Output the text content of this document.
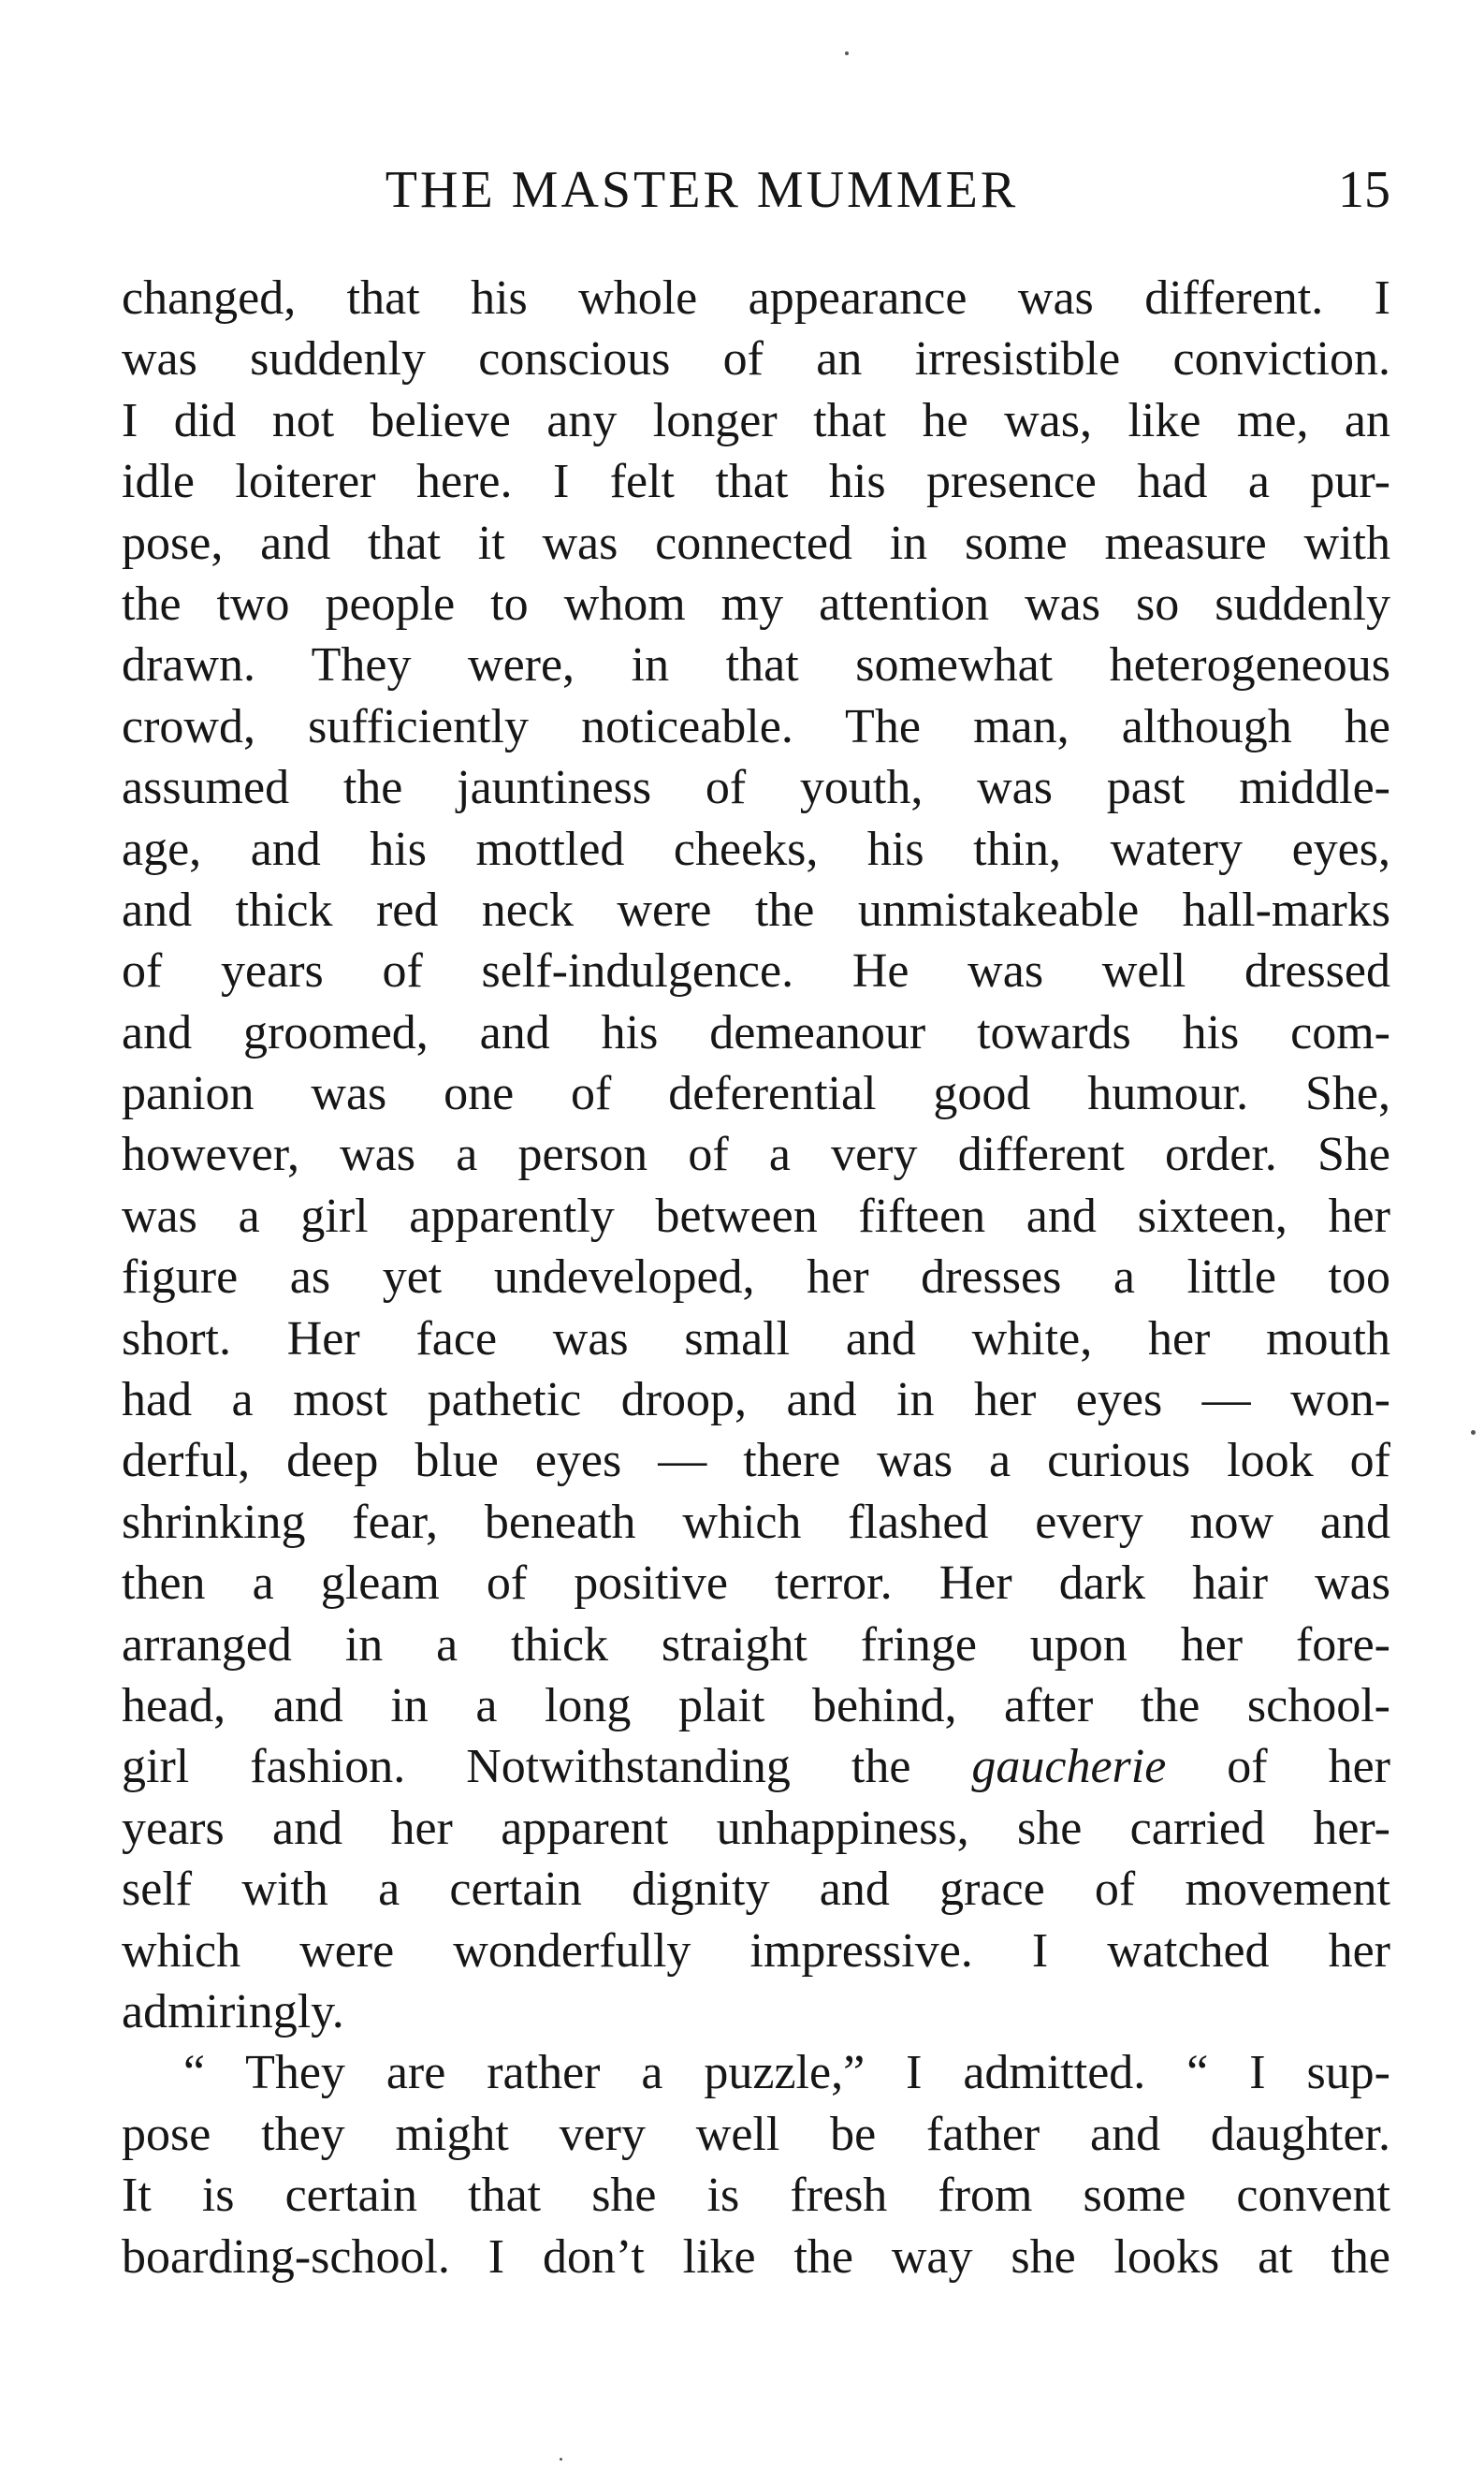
THE MASTER MUMMER	15
changed, that his whole appearance was different. I
was suddenly conscious of an irresistible conviction.
I did not believe any longer that he was, like me, an
idle loiterer here. I felt that his presence had a pur-
pose, and that it was connected in some measure with
the two people to whom my attention was so suddenly
drawn. They were, in that somewhat heterogeneous
crowd, sufficiently noticeable. The man, although he
assumed the jauntiness of youth, was past middle-
age, and his mottled cheeks, his thin, watery eyes,
and thick red neck were the unmistakeable hall-marks
of years of self-indulgence. He was well dressed
and groomed, and his demeanour towards his com-
panion was one of deferential good humour. She,
however, was a person of a very different order. She
was a girl apparently between fifteen and sixteen, her
figure as yet undeveloped, her dresses a little too
short. Her face was small and white, her mouth
had a most pathetic droop, and in her eyes — won-
derful, deep blue eyes — there was a curious look of
shrinking fear, beneath which flashed every now and
then a gleam of positive terror. Her dark hair was
arranged in a thick straight fringe upon her fore-
head, and in a long plait behind, after the school-
girl fashion. Notwithstanding the gaucherie of her
years and her apparent unhappiness, she carried her-
self with a certain dignity and grace of movement
which were wonderfully impressive. I watched her
admiringly.
“ They are rather a puzzle,” I admitted. “ I sup-
pose they might very well be father and daughter.
It is certain that she is fresh from some convent
boarding-school. I don’t like the way she looks at the
